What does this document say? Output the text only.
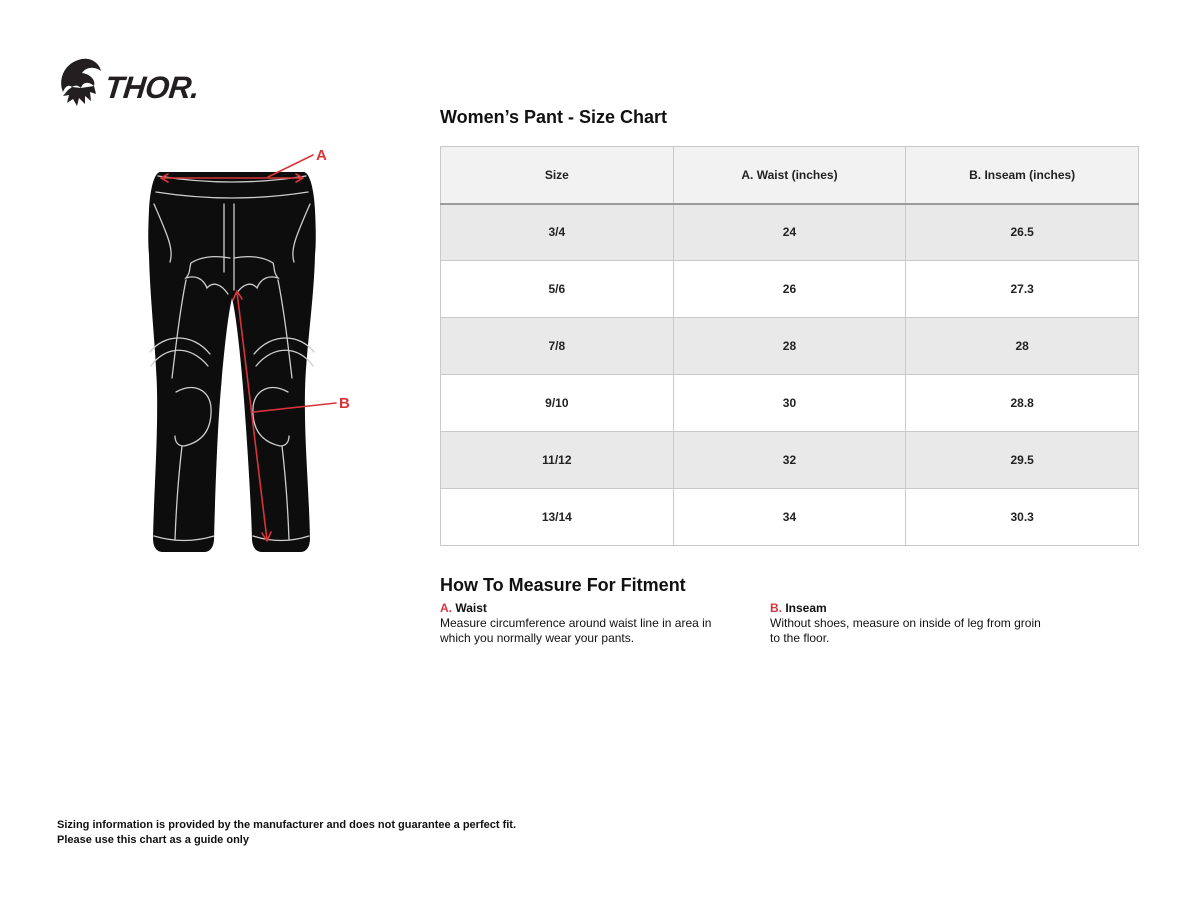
THOR.
A
B
Women’s Pant - Size Chart
Size	A. Waist (inches)	B. Inseam (inches)
3/4	24	26.5
5/6	26	27.3
7/8	28	28
9/10	30	28.8
11/12	32	29.5
13/14	34	30.3
How To Measure For Fitment
A. Waist
Measure circumference around waist line in area in which you normally wear your pants.
B. Inseam
Without shoes, measure on inside of leg from groin to the floor.
Sizing information is provided by the manufacturer and does not guarantee a perfect fit.
Please use this chart as a guide only
